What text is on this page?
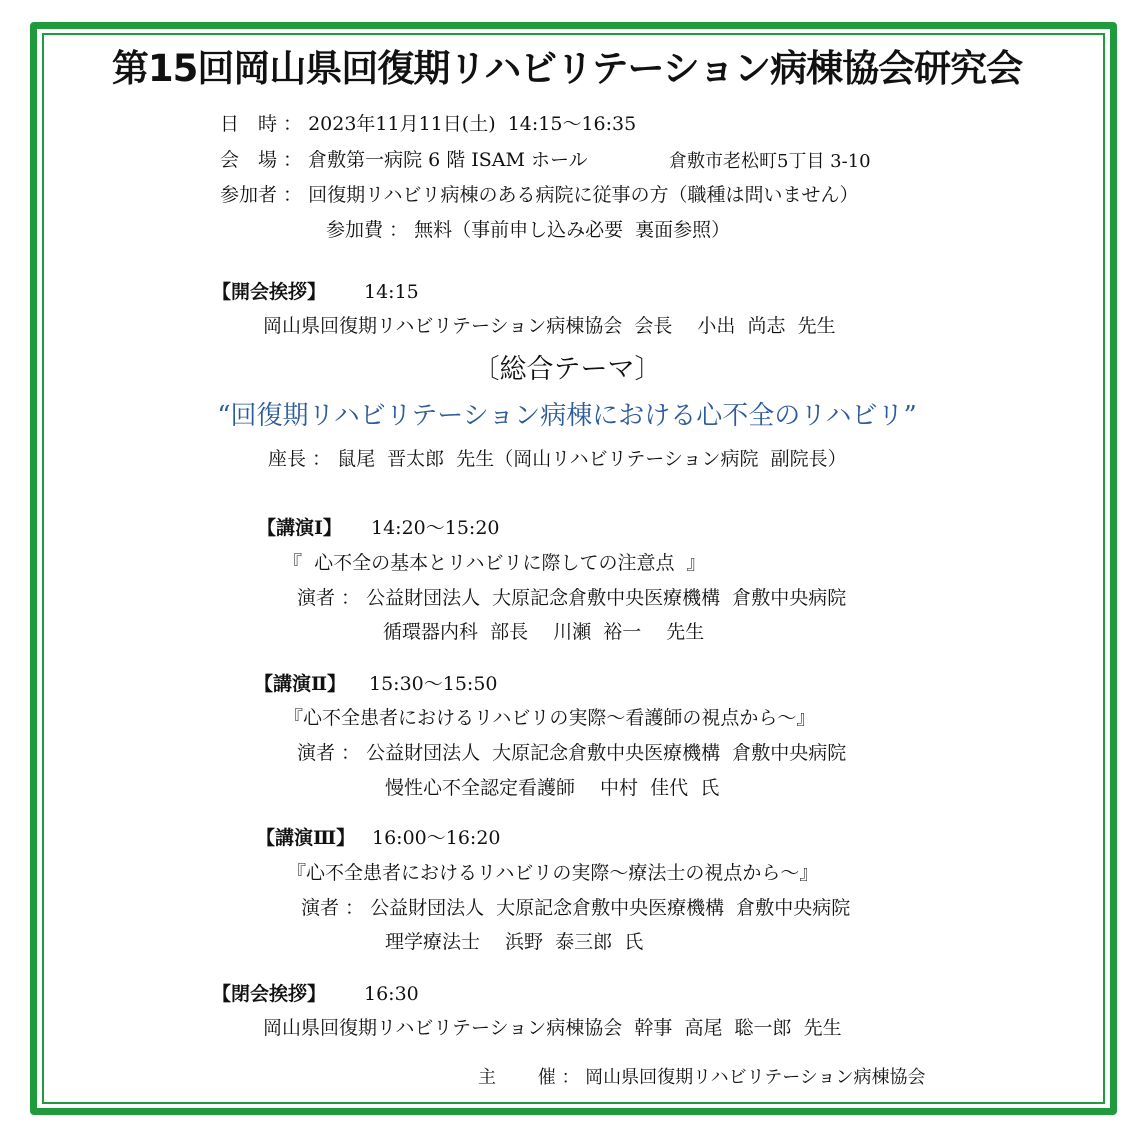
第15回岡山県回復期リハビリテーション病棟協会研究会
日　時 ： 2023年11月11日(土)  14:15〜16:35
会　場 ： 倉敷第一病院 6 階 ISAM ホール	倉敷市老松町5丁目 3-10
参加者 ： 回復期リハビリ病棟のある病院に従事の方（職種は問いません）
参加費 ： 無料（事前申し込み必要  裏面参照）
【開会挨拶】 14:15
岡山県回復期リハビリテーション病棟協会  会長　 小出  尚志  先生
〔総合テーマ〕
“回復期リハビリテーション病棟における心不全のリハビリ”
座長 ： 鼠尾  晋太郎  先生（岡山リハビリテーション病院  副院長）
【講演Ⅰ】 14:20〜15:20
『  心不全の基本とリハビリに際しての注意点  』
演者 ： 公益財団法人  大原記念倉敷中央医療機構  倉敷中央病院
循環器内科  部長　 川瀬  裕一　 先生
【講演Ⅱ】 15:30〜15:50
『心不全患者におけるリハビリの実際〜看護師の視点から〜』
演者 ： 公益財団法人  大原記念倉敷中央医療機構  倉敷中央病院
慢性心不全認定看護師　 中村  佳代  氏
【講演Ⅲ】 16:00〜16:20
『心不全患者におけるリハビリの実際〜療法士の視点から〜』
演者 ： 公益財団法人  大原記念倉敷中央医療機構  倉敷中央病院
理学療法士　 浜野  泰三郎  氏
【閉会挨拶】 16:30
岡山県回復期リハビリテーション病棟協会  幹事  高尾  聡一郎  先生
主　　 催 ： 岡山県回復期リハビリテーション病棟協会
